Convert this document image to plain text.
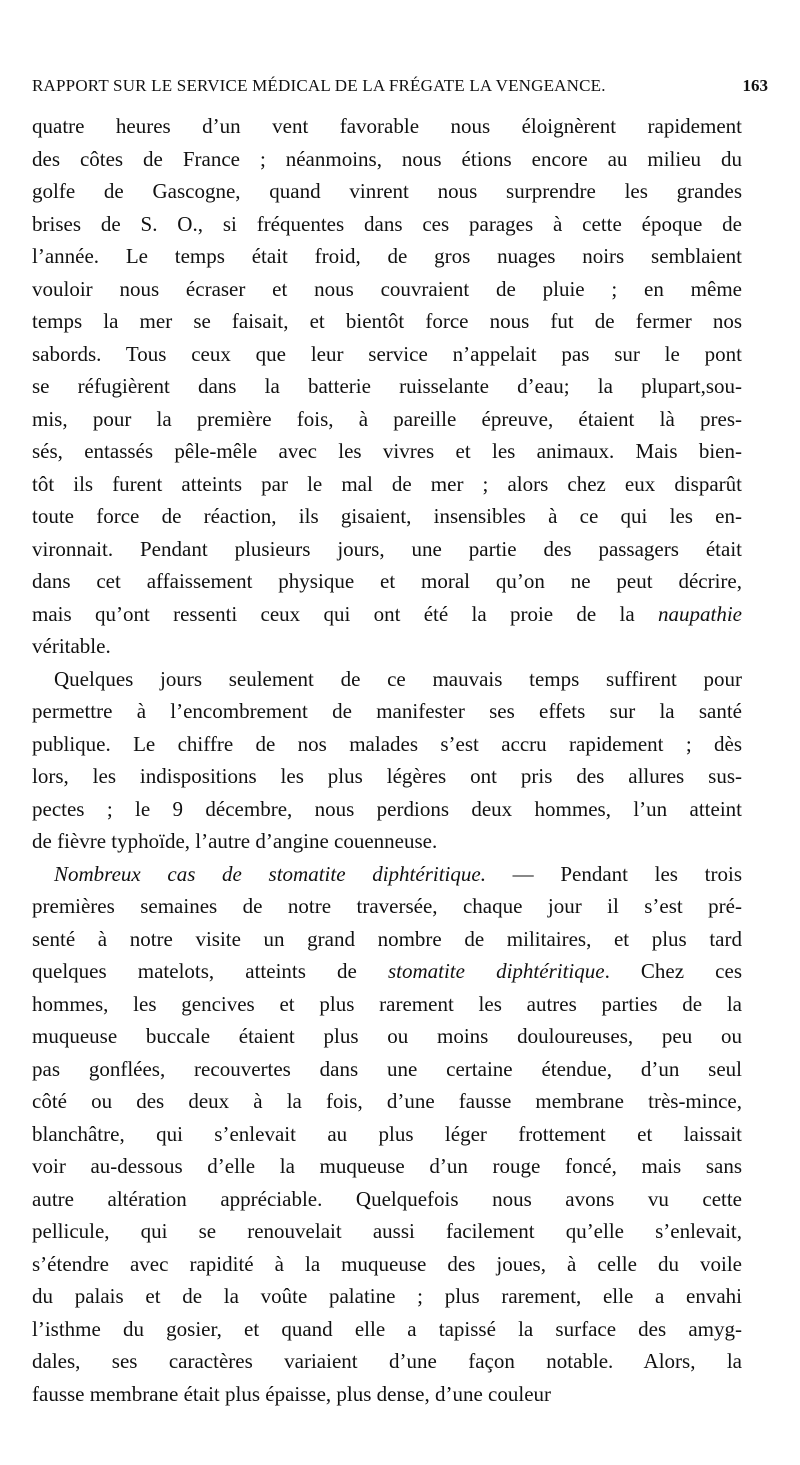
RAPPORT SUR LE SERVICE MÉDICAL DE LA FRÉGATE LA VENGEANCE.	163
quatre heures d’un vent favorable nous éloignèrent rapidement
des côtes de France ; néanmoins, nous étions encore au milieu du
golfe de Gascogne, quand vinrent nous surprendre les grandes
brises de S. O., si fréquentes dans ces parages à cette époque de
l’année. Le temps était froid, de gros nuages noirs semblaient
vouloir nous écraser et nous couvraient de pluie ; en même
temps la mer se faisait, et bientôt force nous fut de fermer nos
sabords. Tous ceux que leur service n’appelait pas sur le pont
se réfugièrent dans la batterie ruisselante d’eau; la plupart,sou-
mis, pour la première fois, à pareille épreuve, étaient là pres-
sés, entassés pêle-mêle avec les vivres et les animaux. Mais bien-
tôt ils furent atteints par le mal de mer ; alors chez eux disparût
toute force de réaction, ils gisaient, insensibles à ce qui les en-
vironnait. Pendant plusieurs jours, une partie des passagers était
dans cet affaissement physique et moral qu’on ne peut décrire,
mais qu’ont ressenti ceux qui ont été la proie de la naupathie
véritable.
Quelques jours seulement de ce mauvais temps suffirent pour
permettre à l’encombrement de manifester ses effets sur la santé
publique. Le chiffre de nos malades s’est accru rapidement ; dès
lors, les indispositions les plus légères ont pris des allures sus-
pectes ; le 9 décembre, nous perdions deux hommes, l’un atteint
de fièvre typhoïde, l’autre d’angine couenneuse.
Nombreux cas de stomatite diphtéritique. — Pendant les trois
premières semaines de notre traversée, chaque jour il s’est pré-
senté à notre visite un grand nombre de militaires, et plus tard
quelques matelots, atteints de stomatite diphtéritique. Chez ces
hommes, les gencives et plus rarement les autres parties de la
muqueuse buccale étaient plus ou moins douloureuses, peu ou
pas gonflées, recouvertes dans une certaine étendue, d’un seul
côté ou des deux à la fois, d’une fausse membrane très-mince,
blanchâtre, qui s’enlevait au plus léger frottement et laissait
voir au-dessous d’elle la muqueuse d’un rouge foncé, mais sans
autre altération appréciable. Quelquefois nous avons vu cette
pellicule, qui se renouvelait aussi facilement qu’elle s’enlevait,
s’étendre avec rapidité à la muqueuse des joues, à celle du voile
du palais et de la voûte palatine ; plus rarement, elle a envahi
l’isthme du gosier, et quand elle a tapissé la surface des amyg-
dales, ses caractères variaient d’une façon notable. Alors, la
fausse membrane était plus épaisse, plus dense, d’une couleur
